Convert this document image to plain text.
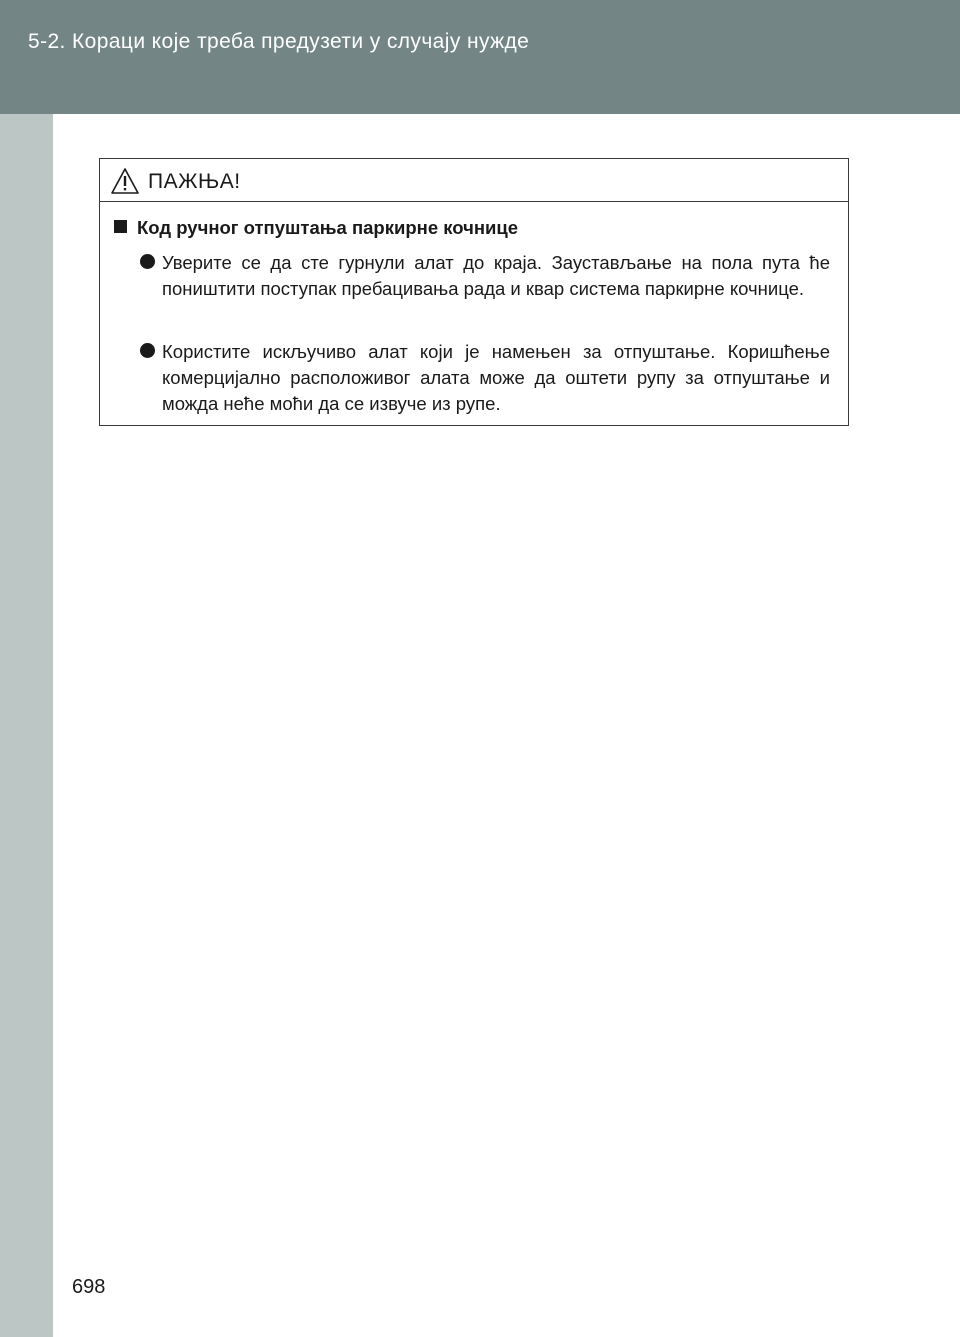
5-2. Кораци које треба предузети у случају нужде
ПАЖЊА!
Код ручног отпуштања паркирне кочнице
Уверите се да сте гурнули алат до краја. Заустављање на пола пута ће поништити поступак пребацивања рада и квар система паркирне кочнице.
Користите искључиво алат који је намењен за отпуштање. Коришћење комерцијално расположивог алата може да оштети рупу за отпуштање и можда неће моћи да се извуче из рупе.
698
